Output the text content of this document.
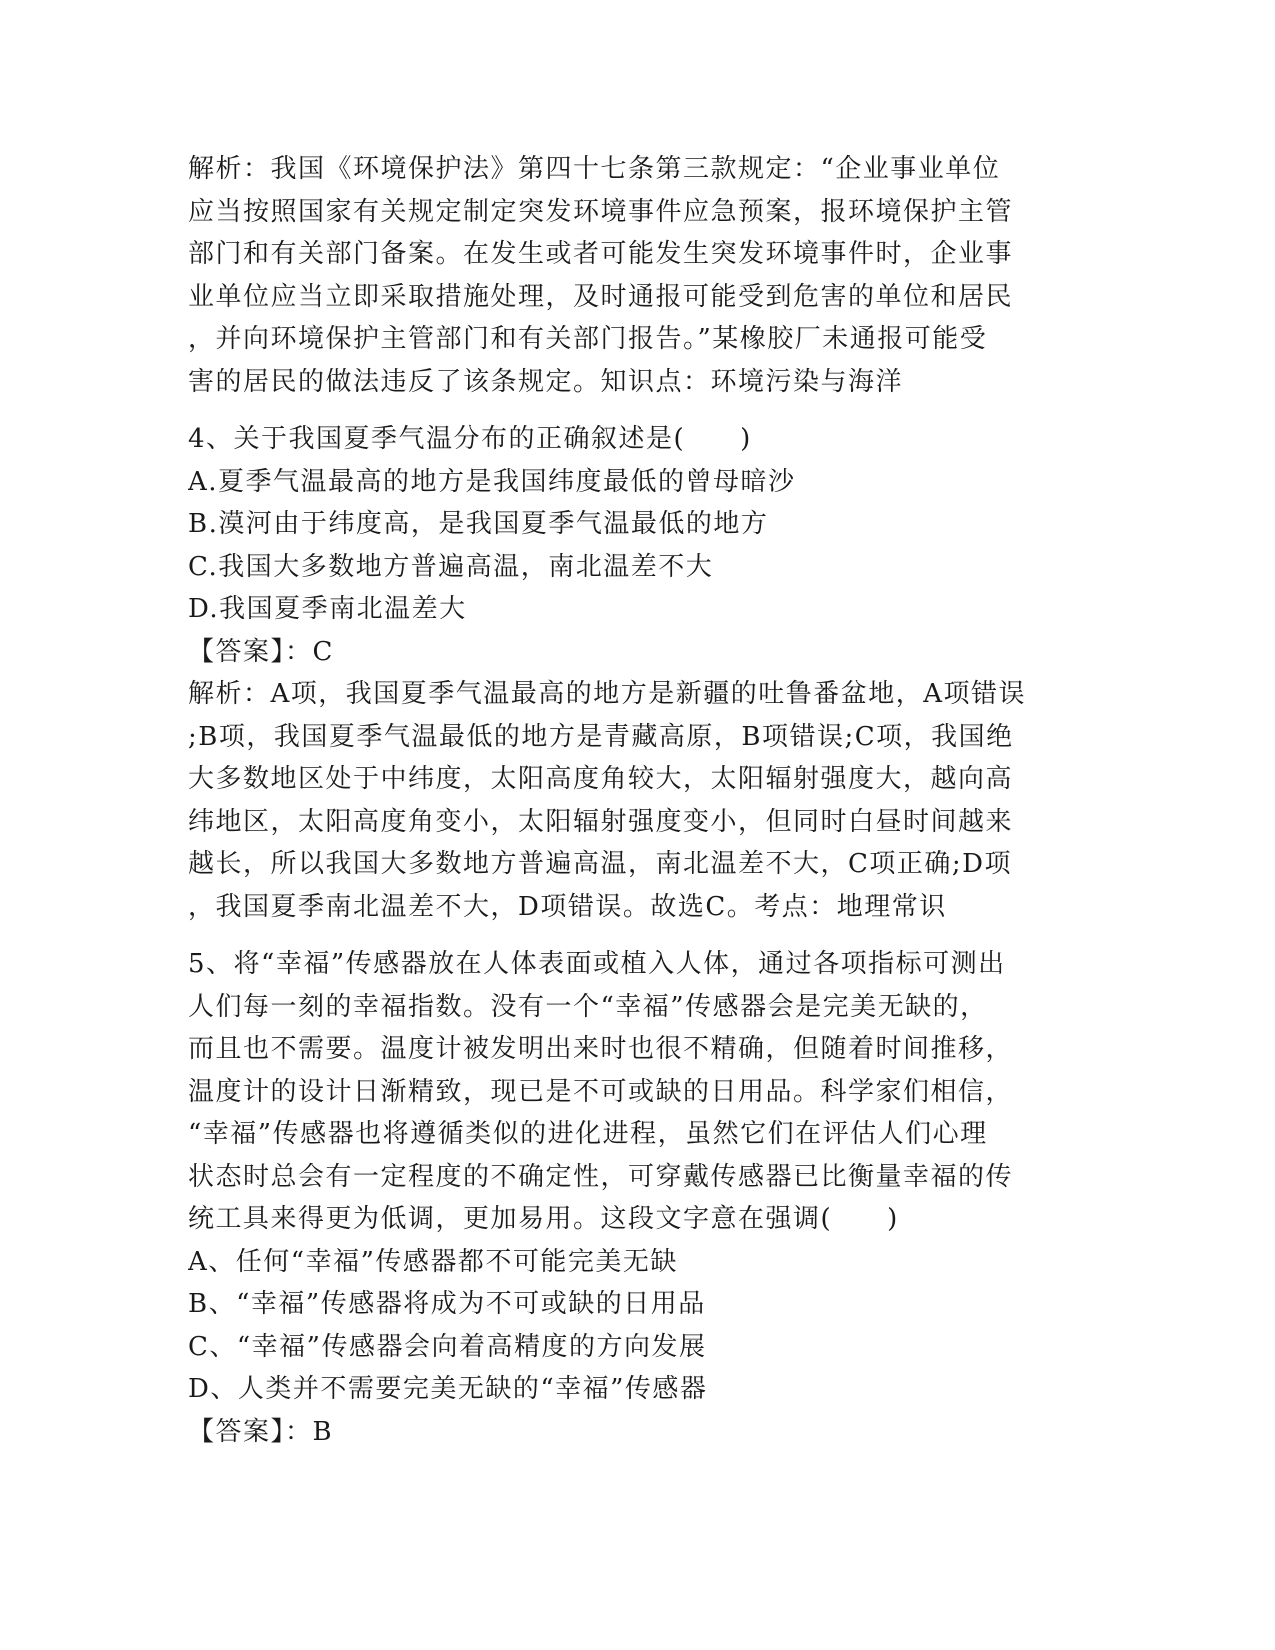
解析：我国《环境保护法》第四十七条第三款规定：“企业事业单位
应当按照国家有关规定制定突发环境事件应急预案，报环境保护主管
部门和有关部门备案。在发生或者可能发生突发环境事件时，企业事
业单位应当立即采取措施处理，及时通报可能受到危害的单位和居民
，并向环境保护主管部门和有关部门报告。”某橡胶厂未通报可能受
害的居民的做法违反了该条规定。知识点：环境污染与海洋
4、关于我国夏季气温分布的正确叙述是(　　)
A.夏季气温最高的地方是我国纬度最低的曾母暗沙
B.漠河由于纬度高，是我国夏季气温最低的地方
C.我国大多数地方普遍高温，南北温差不大
D.我国夏季南北温差大
【答案】：C
解析：A项，我国夏季气温最高的地方是新疆的吐鲁番盆地，A项错误
;B项，我国夏季气温最低的地方是青藏高原，B项错误;C项，我国绝
大多数地区处于中纬度，太阳高度角较大，太阳辐射强度大，越向高
纬地区，太阳高度角变小，太阳辐射强度变小，但同时白昼时间越来
越长，所以我国大多数地方普遍高温，南北温差不大，C项正确;D项
，我国夏季南北温差不大，D项错误。故选C。考点：地理常识
5、将“幸福”传感器放在人体表面或植入人体，通过各项指标可测出
人们每一刻的幸福指数。没有一个“幸福”传感器会是完美无缺的，
而且也不需要。温度计被发明出来时也很不精确，但随着时间推移，
温度计的设计日渐精致，现已是不可或缺的日用品。科学家们相信，
“幸福”传感器也将遵循类似的进化进程，虽然它们在评估人们心理
状态时总会有一定程度的不确定性，可穿戴传感器已比衡量幸福的传
统工具来得更为低调，更加易用。这段文字意在强调(　　)
A、任何“幸福”传感器都不可能完美无缺
B、“幸福”传感器将成为不可或缺的日用品
C、“幸福”传感器会向着高精度的方向发展
D、人类并不需要完美无缺的“幸福”传感器
【答案】：B
